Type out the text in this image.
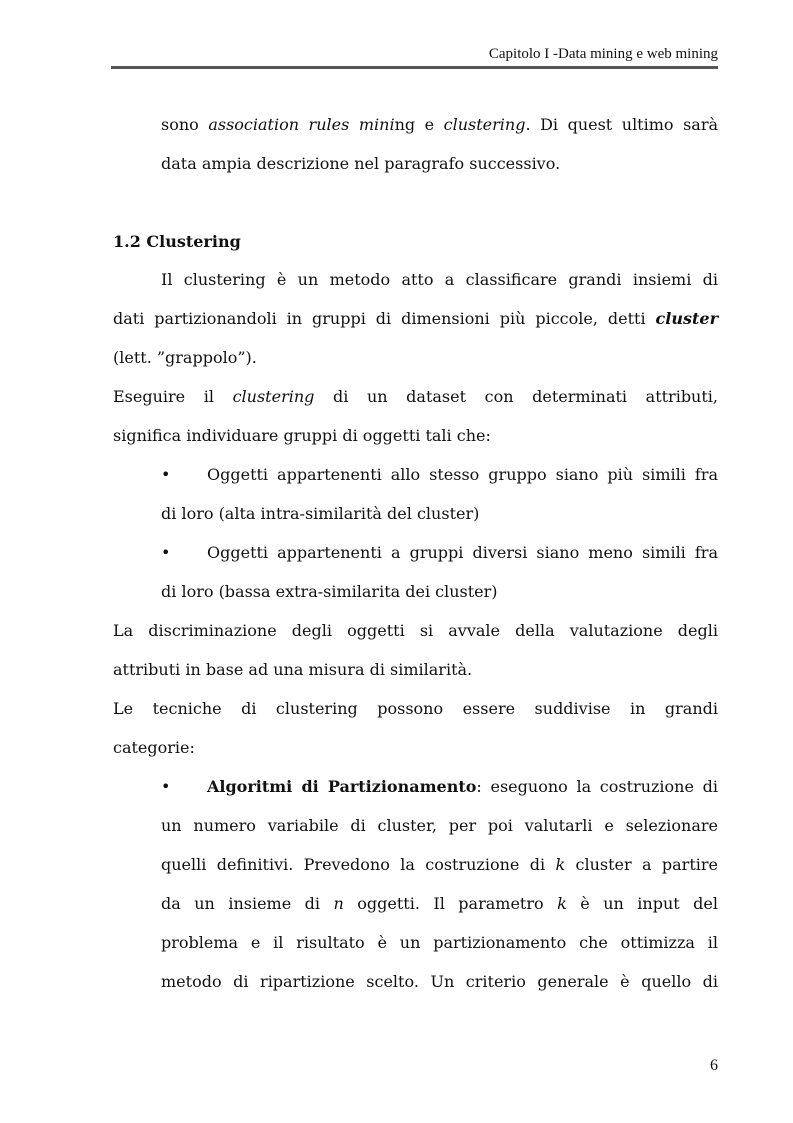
Capitolo I -Data mining e web mining
sono association rules mining e clustering. Di quest ultimo sarà
data ampia descrizione nel paragrafo successivo.
1.2 Clustering
Il clustering è un metodo atto a classificare grandi insiemi di
dati partizionandoli in gruppi di dimensioni più piccole, detti cluster
(lett. ”grappolo”).
Eseguire il clustering di un dataset con determinati attributi,
significa individuare gruppi di oggetti tali che:
• Oggetti appartenenti allo stesso gruppo siano più simili fra
di loro (alta intra-similarità del cluster)
• Oggetti appartenenti a gruppi diversi siano meno simili fra
di loro (bassa extra-similarita dei cluster)
La discriminazione degli oggetti si avvale della valutazione degli
attributi in base ad una misura di similarità.
Le tecniche di clustering possono essere suddivise in grandi
categorie:
• Algoritmi di Partizionamento: eseguono la costruzione di
un numero variabile di cluster, per poi valutarli e selezionare
quelli definitivi. Prevedono la costruzione di k cluster a partire
da un insieme di n oggetti. Il parametro k è un input del
problema e il risultato è un partizionamento che ottimizza il
metodo di ripartizione scelto. Un criterio generale è quello di
6
